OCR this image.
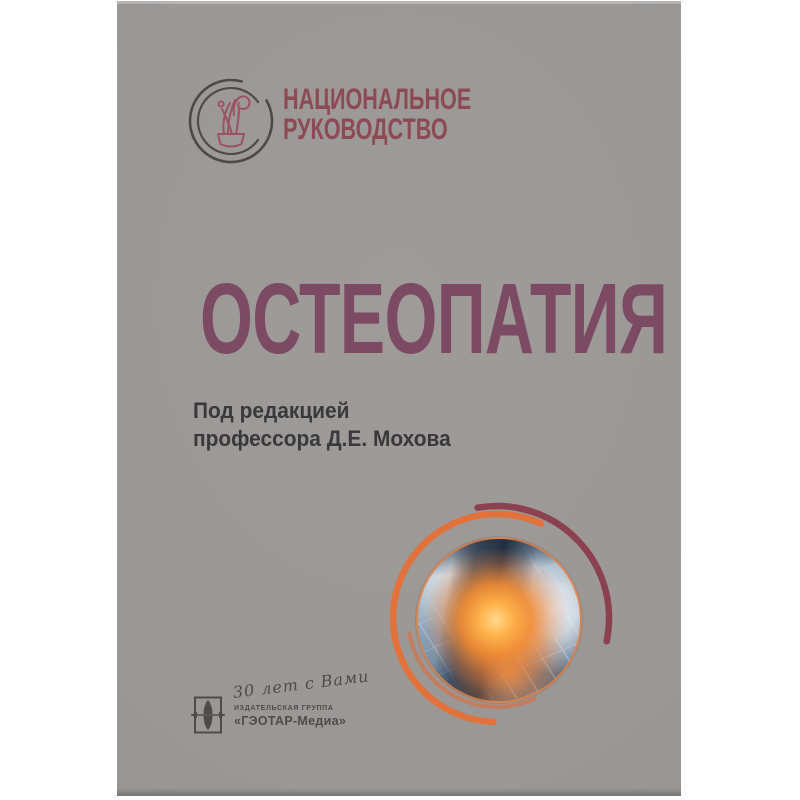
НАЦИОНАЛЬНОЕ
РУКОВОДСТВО
ОСТЕОПАТИЯ
Под редакцией
профессора Д.Е. Мохова
30 лет с Вами
ИЗДАТЕЛЬСКАЯ ГРУППА
«ГЭОТАР-Медиа»
